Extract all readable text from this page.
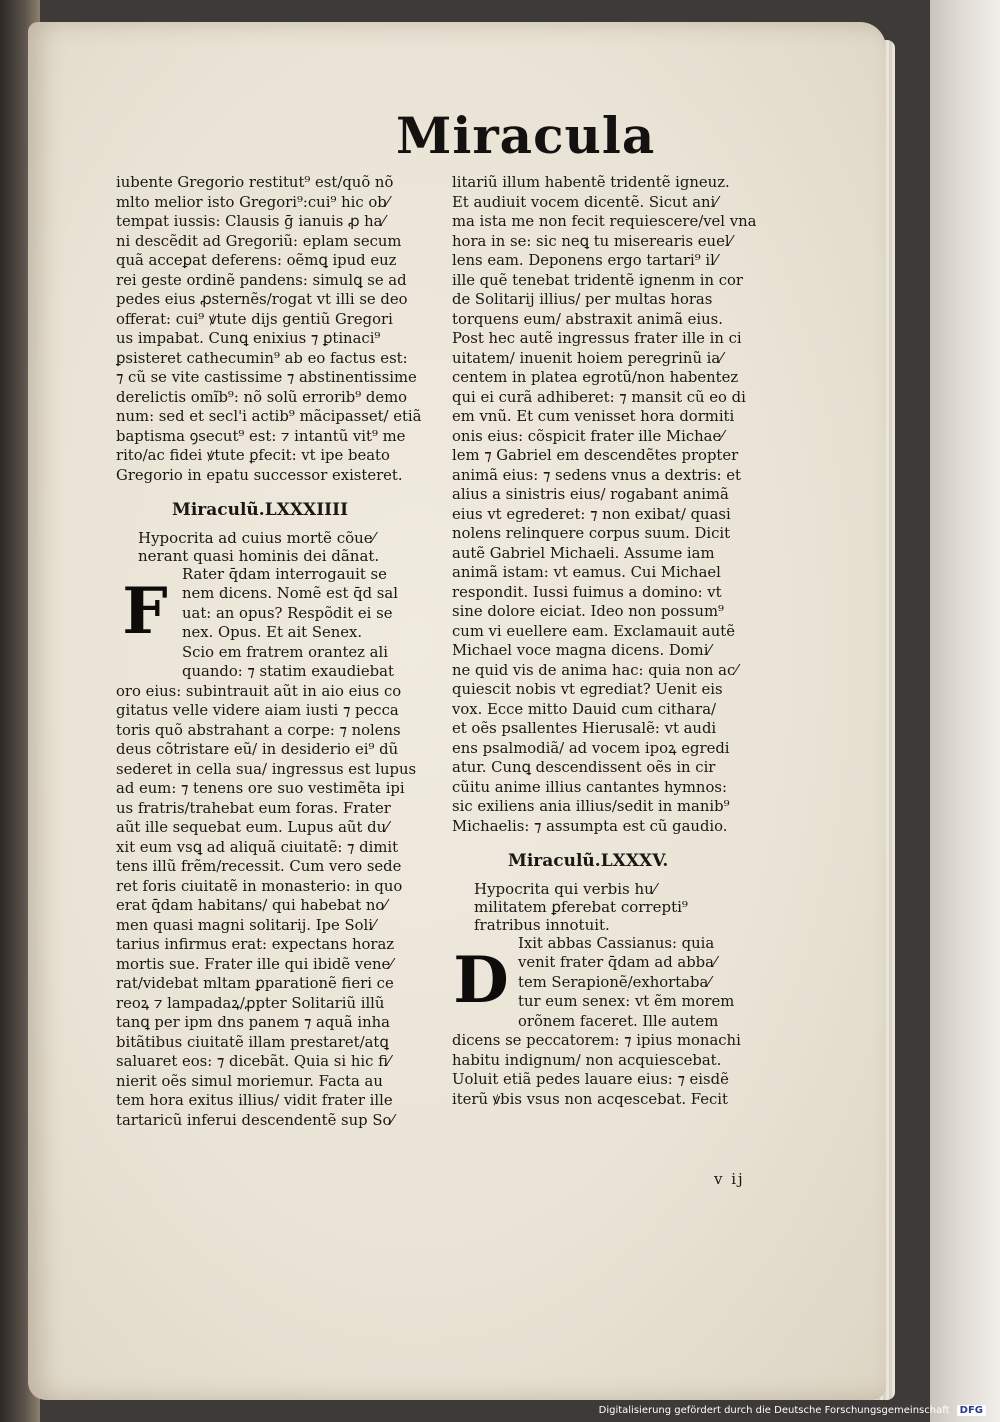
Miracula
iubente Gregorio restitut⁹ est/quõ nõ
mlto melior isto Gregori⁹:cui⁹ hic ob⁄
tempat iussis: Clausis ḡ ianuis ꝓ ha⁄
ni descẽdit ad Gregoriũ: eplam secum
quã acceꝑat deferens: oẽmꝗ ipud euz
rei geste ordinẽ pandens: simulꝗ se ad
pedes eius ꝓsternẽs/rogat vt illi se deo
offerat: cui⁹ ꝟtute dijs gentiũ Gregori
us impabat. Cunꝗ enixius ⁊ ꝑtinaci⁹
ꝑsisteret cathecumin⁹ ab eo factus est:
⁊ cũ se vite castissime ⁊ abstinentissime
derelictis omĩb⁹: nõ solũ errorib⁹ demo
num: sed et secl'i actib⁹ mãcipasset/ etiã
baptisma ꝯsecut⁹ est: ⁊ intantũ vit⁹ me
rito/ac fidei ꝟtute ꝑfecit: vt ipe beato
Gregorio in epatu successor existeret.
Miraculũ.LXXXIIII
Hypocrita ad cuius mortẽ cõue⁄
nerant quasi hominis dei dãnat.
F Rater q̄dam interrogauit se
nem dicens. Nomẽ est q̄d sal
uat: an opus? Respõdit ei se
nex. Opus. Et ait Senex.
Scio em fratrem orantez ali
quando: ⁊ statim exaudiebat
oro eius: subintrauit aũt in aio eius co
gitatus velle videre aiam iusti ⁊ pecca
toris quõ abstrahant a corpe: ⁊ nolens
deus cõtristare eũ/ in desiderio ei⁹ dũ
sederet in cella sua/ ingressus est lupus
ad eum: ⁊ tenens ore suo vestimẽta ipi
us fratris/trahebat eum foras. Frater
aũt ille sequebat eum. Lupus aũt du⁄
xit eum vsꝗ ad aliquã ciuitatẽ: ⁊ dimit
tens illũ frẽm/recessit. Cum vero sede
ret foris ciuitatẽ in monasterio: in quo
erat q̄dam habitans/ qui habebat no⁄
men quasi magni solitarij. Ipe Soli⁄
tarius infirmus erat: expectans horaz
mortis sue. Frater ille qui ibidẽ vene⁄
rat/videbat mltam ꝑparationẽ fieri ce
reoꝝ ⁊ lampadaꝝ/ꝓpter Solitariũ illũ
tanꝗ per ipm dns panem ⁊ aquã inha
bitãtibus ciuitatẽ illam prestaret/atꝗ
saluaret eos: ⁊ dicebãt. Quia si hic fi⁄
nierit oẽs simul moriemur. Facta au
tem hora exitus illius/ vidit frater ille
tartaricũ inferui descendentẽ sup So⁄
litariũ illum habentẽ tridentẽ igneuz.
Et audiuit vocem dicentẽ. Sicut ani⁄
ma ista me non fecit requiescere/vel vna
hora in se: sic neꝗ tu miserearis euel⁄
lens eam. Deponens ergo tartari⁹ il⁄
ille quẽ tenebat tridentẽ ignenm in cor
de Solitarij illius/ per multas horas
torquens eum/ abstraxit animã eius.
Post hec autẽ ingressus frater ille in ci
uitatem/ inuenit hoiem peregrinũ ia⁄
centem in platea egrotũ/non habentez
qui ei curã adhiberet: ⁊ mansit cũ eo di
em vnũ. Et cum venisset hora dormiti
onis eius: cõspicit frater ille Michae⁄
lem ⁊ Gabriel em descendẽtes propter
animã eius: ⁊ sedens vnus a dextris: et
alius a sinistris eius/ rogabant animã
eius vt egrederet: ⁊ non exibat/ quasi
nolens relinquere corpus suum. Dicit
autẽ Gabriel Michaeli. Assume iam
animã istam: vt eamus. Cui Michael
respondit. Iussi fuimus a domino: vt
sine dolore eiciat. Ideo non possum⁹
cum vi euellere eam. Exclamauit autẽ
Michael voce magna dicens. Domi⁄
ne quid vis de anima hac: quia non ac⁄
quiescit nobis vt egrediat? Uenit eis
vox. Ecce mitto Dauid cum cithara/
et oẽs psallentes Hierusalẽ: vt audi
ens psalmodiã/ ad vocem ipoꝝ egredi
atur. Cunꝗ descendissent oẽs in cir
cũitu anime illius cantantes hymnos:
sic exiliens ania illius/sedit in manib⁹
Michaelis: ⁊ assumpta est cũ gaudio.
Miraculũ.LXXXV.
Hypocrita qui verbis hu⁄
militatem ꝑferebat correpti⁹
fratribus innotuit.
D Ixit abbas Cassianus: quia
venit frater q̄dam ad abba⁄
tem Serapionẽ/exhortaba⁄
tur eum senex: vt ẽm morem
orõnem faceret. Ille autem
dicens se peccatorem: ⁊ ipius monachi
habitu indignum/ non acquiescebat.
Uoluit etiã pedes lauare eius: ⁊ eisdẽ
iterũ ꝟbis vsus non acqescebat. Fecit
v ij
Digitalisierung gefördert durch die Deutsche Forschungsgemeinschaft DFG
